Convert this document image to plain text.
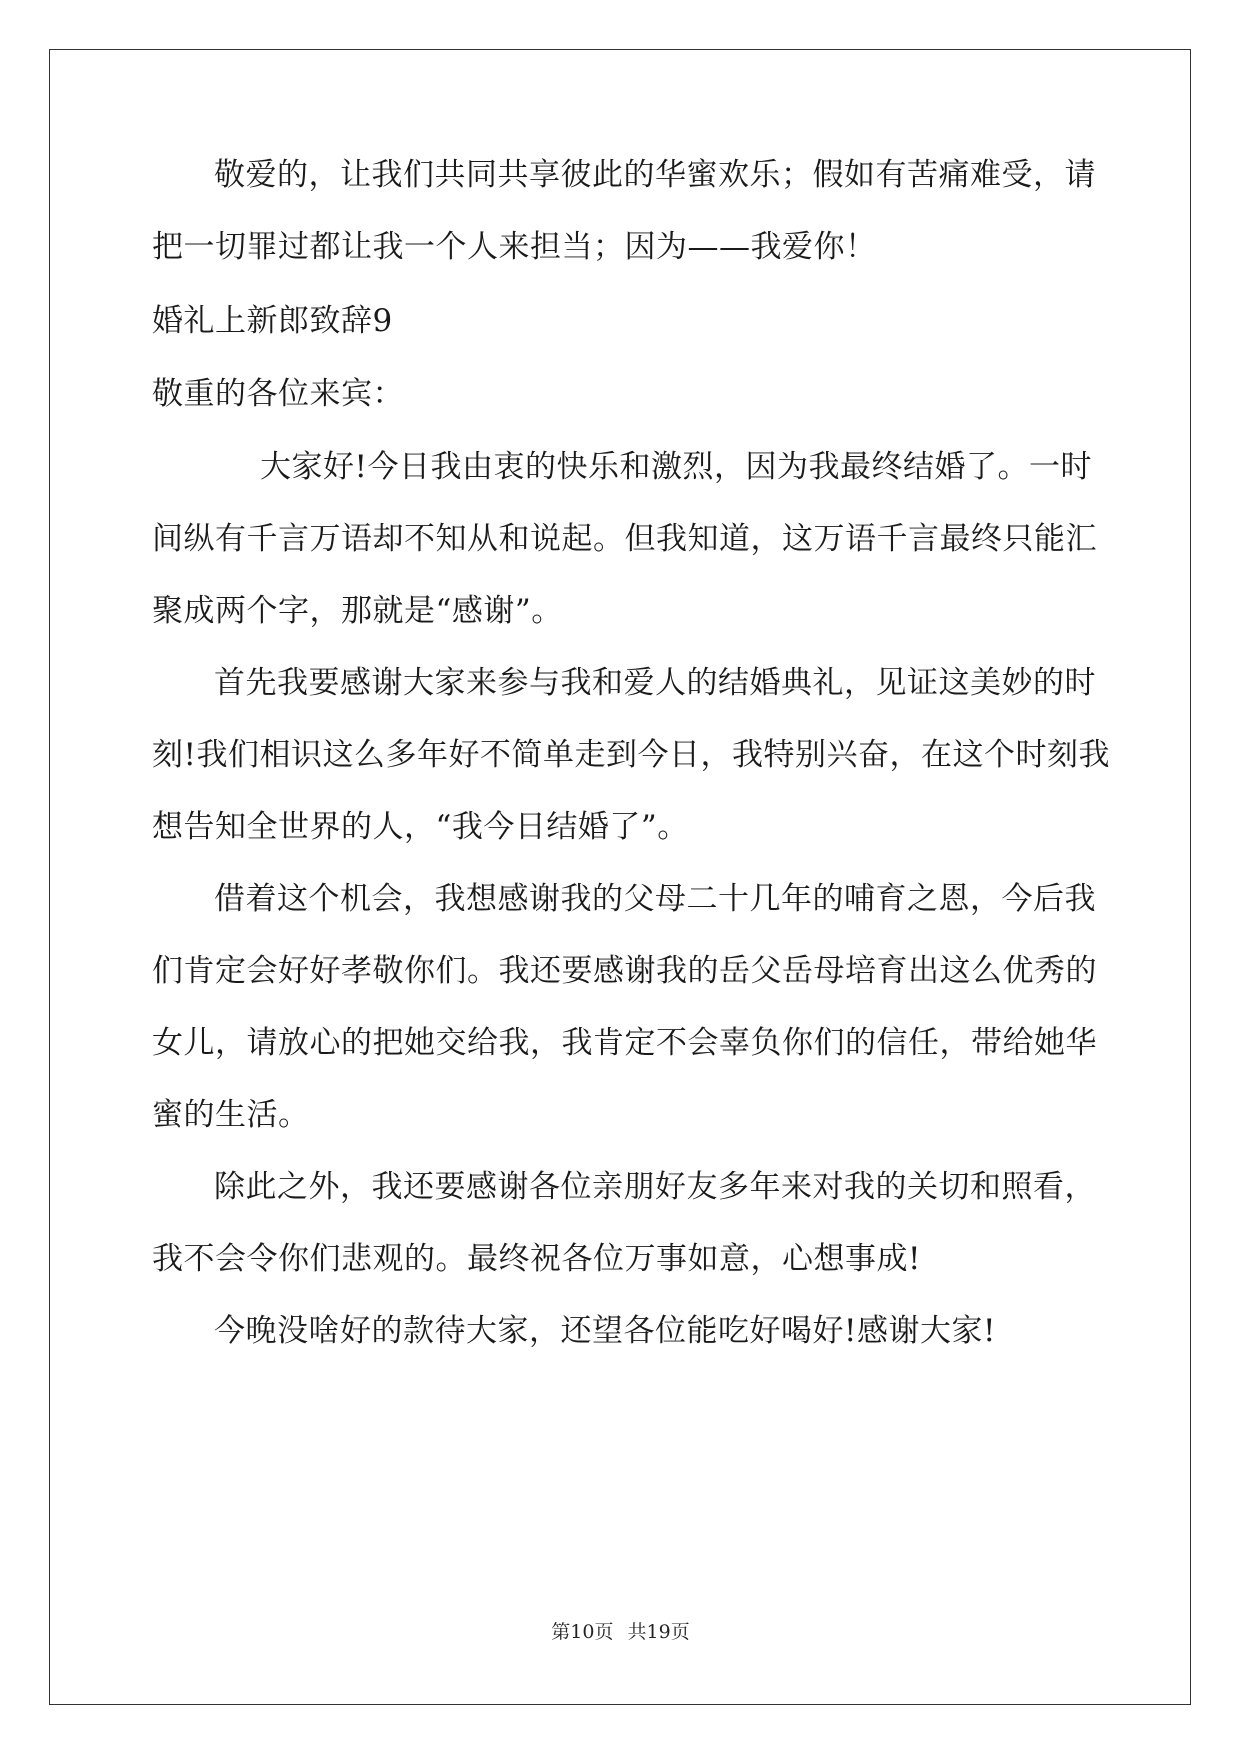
敬爱的，让我们共同共享彼此的华蜜欢乐；假如有苦痛难受，请
把一切罪过都让我一个人来担当；因为——我爱你！
婚礼上新郎致辞9
敬重的各位来宾：
大家好!今日我由衷的快乐和激烈，因为我最终结婚了。一时
间纵有千言万语却不知从和说起。但我知道，这万语千言最终只能汇
聚成两个字，那就是“感谢”。
首先我要感谢大家来参与我和爱人的结婚典礼，见证这美妙的时
刻!我们相识这么多年好不简单走到今日，我特别兴奋，在这个时刻我
想告知全世界的人，“我今日结婚了”。
借着这个机会，我想感谢我的父母二十几年的哺育之恩，今后我
们肯定会好好孝敬你们。我还要感谢我的岳父岳母培育出这么优秀的
女儿，请放心的把她交给我，我肯定不会辜负你们的信任，带给她华
蜜的生活。
除此之外，我还要感谢各位亲朋好友多年来对我的关切和照看，
我不会令你们悲观的。最终祝各位万事如意，心想事成!
今晚没啥好的款待大家，还望各位能吃好喝好!感谢大家!
第10页 共19页
